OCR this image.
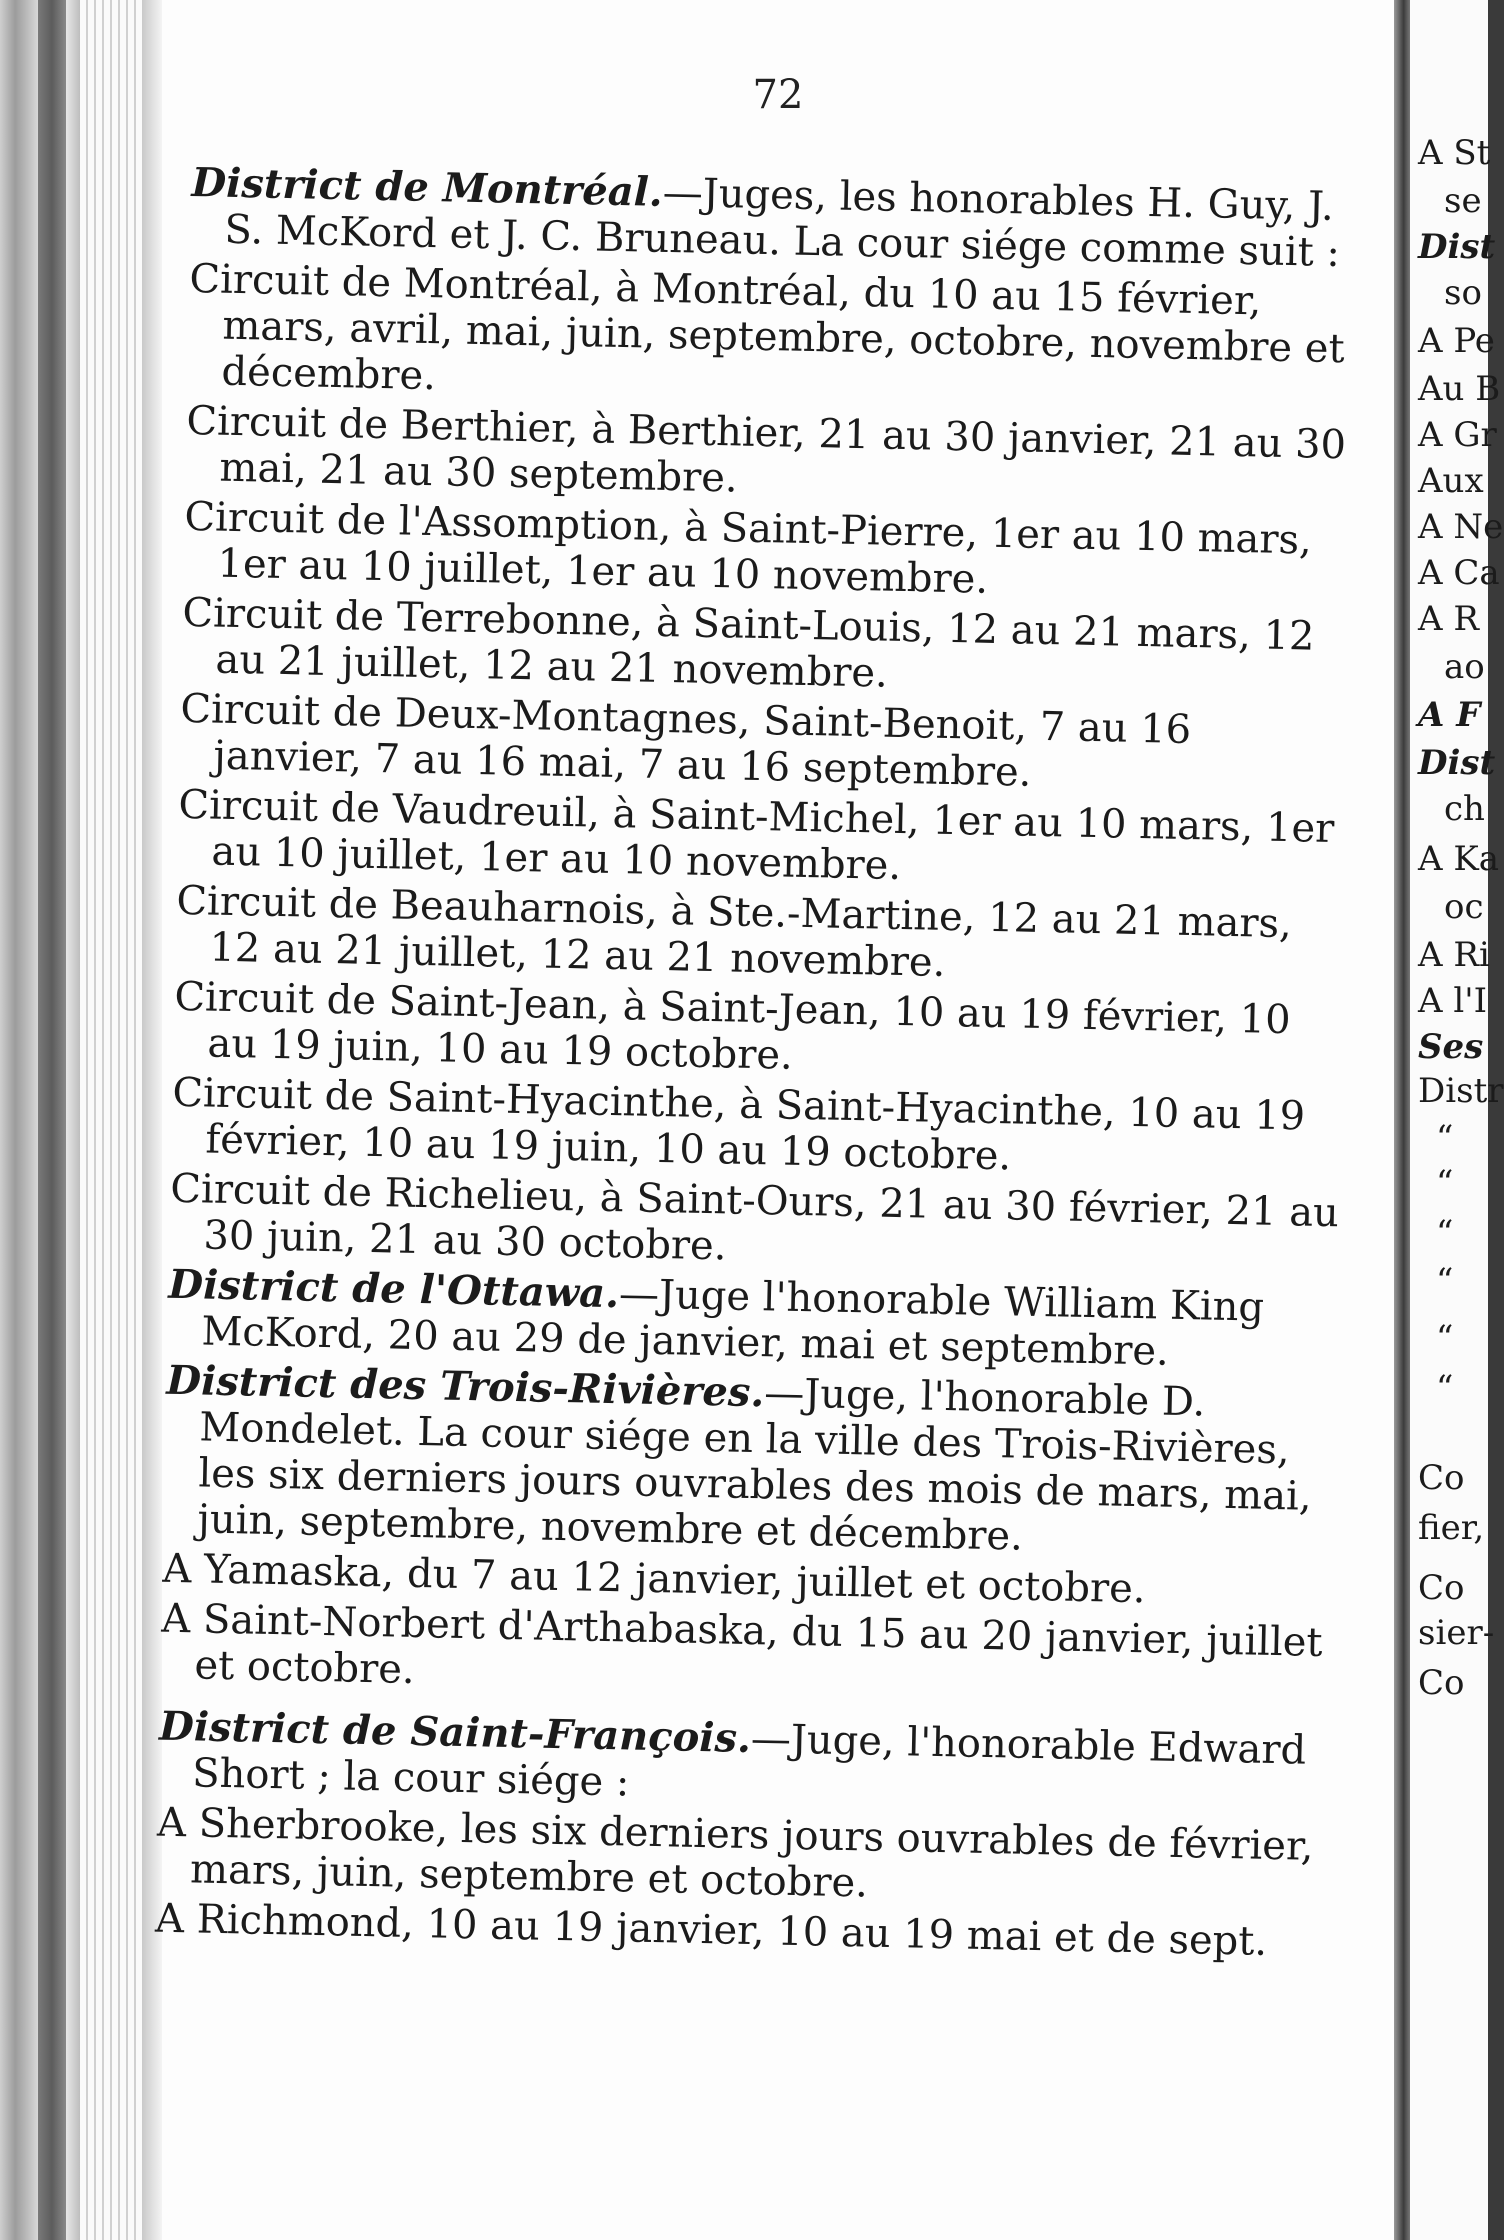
72
District de Montréal.—Juges, les honorables H. Guy, J. S. McKord et J. C. Bruneau. La cour siége comme suit :
Circuit de Montréal, à Montréal, du 10 au 15 février, mars, avril, mai, juin, septembre, octobre, novembre et décembre.
Circuit de Berthier, à Berthier, 21 au 30 janvier, 21 au 30 mai, 21 au 30 septembre.
Circuit de l'Assomption, à Saint-Pierre, 1er au 10 mars, 1er au 10 juillet, 1er au 10 novembre.
Circuit de Terrebonne, à Saint-Louis, 12 au 21 mars, 12 au 21 juillet, 12 au 21 novembre.
Circuit de Deux-Montagnes, Saint-Benoit, 7 au 16 janvier, 7 au 16 mai, 7 au 16 septembre.
Circuit de Vaudreuil, à Saint-Michel, 1er au 10 mars, 1er au 10 juillet, 1er au 10 novembre.
Circuit de Beauharnois, à Ste.-Martine, 12 au 21 mars, 12 au 21 juillet, 12 au 21 novembre.
Circuit de Saint-Jean, à Saint-Jean, 10 au 19 février, 10 au 19 juin, 10 au 19 octobre.
Circuit de Saint-Hyacinthe, à Saint-Hyacinthe, 10 au 19 février, 10 au 19 juin, 10 au 19 octobre.
Circuit de Richelieu, à Saint-Ours, 21 au 30 février, 21 au 30 juin, 21 au 30 octobre.
District de l'Ottawa.—Juge l'honorable William King McKord, 20 au 29 de janvier, mai et septembre.
District des Trois-Rivières.—Juge, l'honorable D. Mondelet. La cour siége en la ville des Trois-Rivières, les six derniers jours ouvrables des mois de mars, mai, juin, septembre, novembre et décembre.
A Yamaska, du 7 au 12 janvier, juillet et octobre.
A Saint-Norbert d'Arthabaska, du 15 au 20 janvier, juillet et octobre.
District de Saint-François.—Juge, l'honorable Edward Short ; la cour siége :
A Sherbrooke, les six derniers jours ouvrables de février, mars, juin, septembre et octobre.
A Richmond, 10 au 19 janvier, 10 au 19 mai et de sept.
A St
se
Dist
so
A Pe
Au B
A Gr
Aux
A Ne
A Ca
A R
ao
A F
Dist
ch
A Ka
oc
A Ri
A l'I
Ses
Distr
“
“
“
“
“
“
Co
fier,
Co
sier-
Co
